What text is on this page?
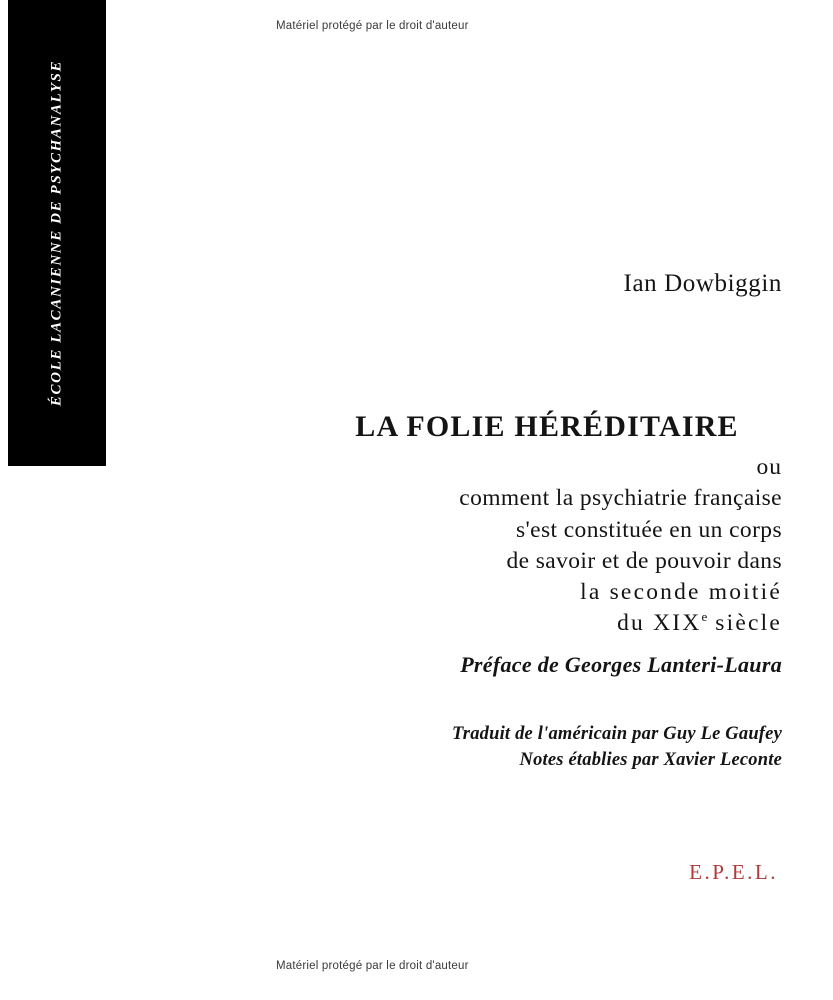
Matériel protégé par le droit d'auteur
ÉCOLE LACANIENNE DE PSYCHANALYSE	Ian Dowbiggin
LA FOLIE HÉRÉDITAIRE
ou
comment la psychiatrie française
s'est constituée en un corps
de savoir et de pouvoir dans
la seconde moitié
du XIXe siècle
Préface de Georges Lanteri-Laura
Traduit de l'américain par Guy Le Gaufey
Notes établies par Xavier Leconte
E.P.E.L.
Matériel protégé par le droit d'auteur
